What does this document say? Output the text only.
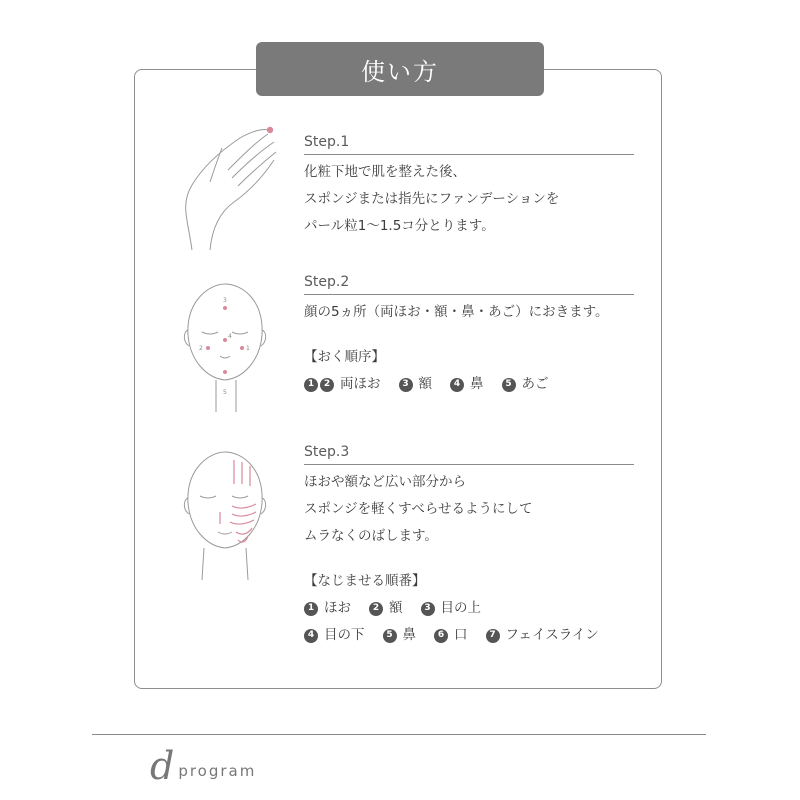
使い方
3
4
2	1
5
Step.1
化粧下地で肌を整えた後、
スポンジまたは指先にファンデーションを
パール粒1〜1.5コ分とります。
Step.2
顔の5ヵ所（両ほお・額・鼻・あご）におきます。
【おく順序】
1	2 両ほお	3 額	4 鼻	5 あご
Step.3
ほおや額など広い部分から
スポンジを軽くすべらせるようにして
ムラなくのばします。
【なじませる順番】
1 ほお	2 額	3 目の上
4 目の下	5 鼻	6 口	7 フェイスライン
d program
